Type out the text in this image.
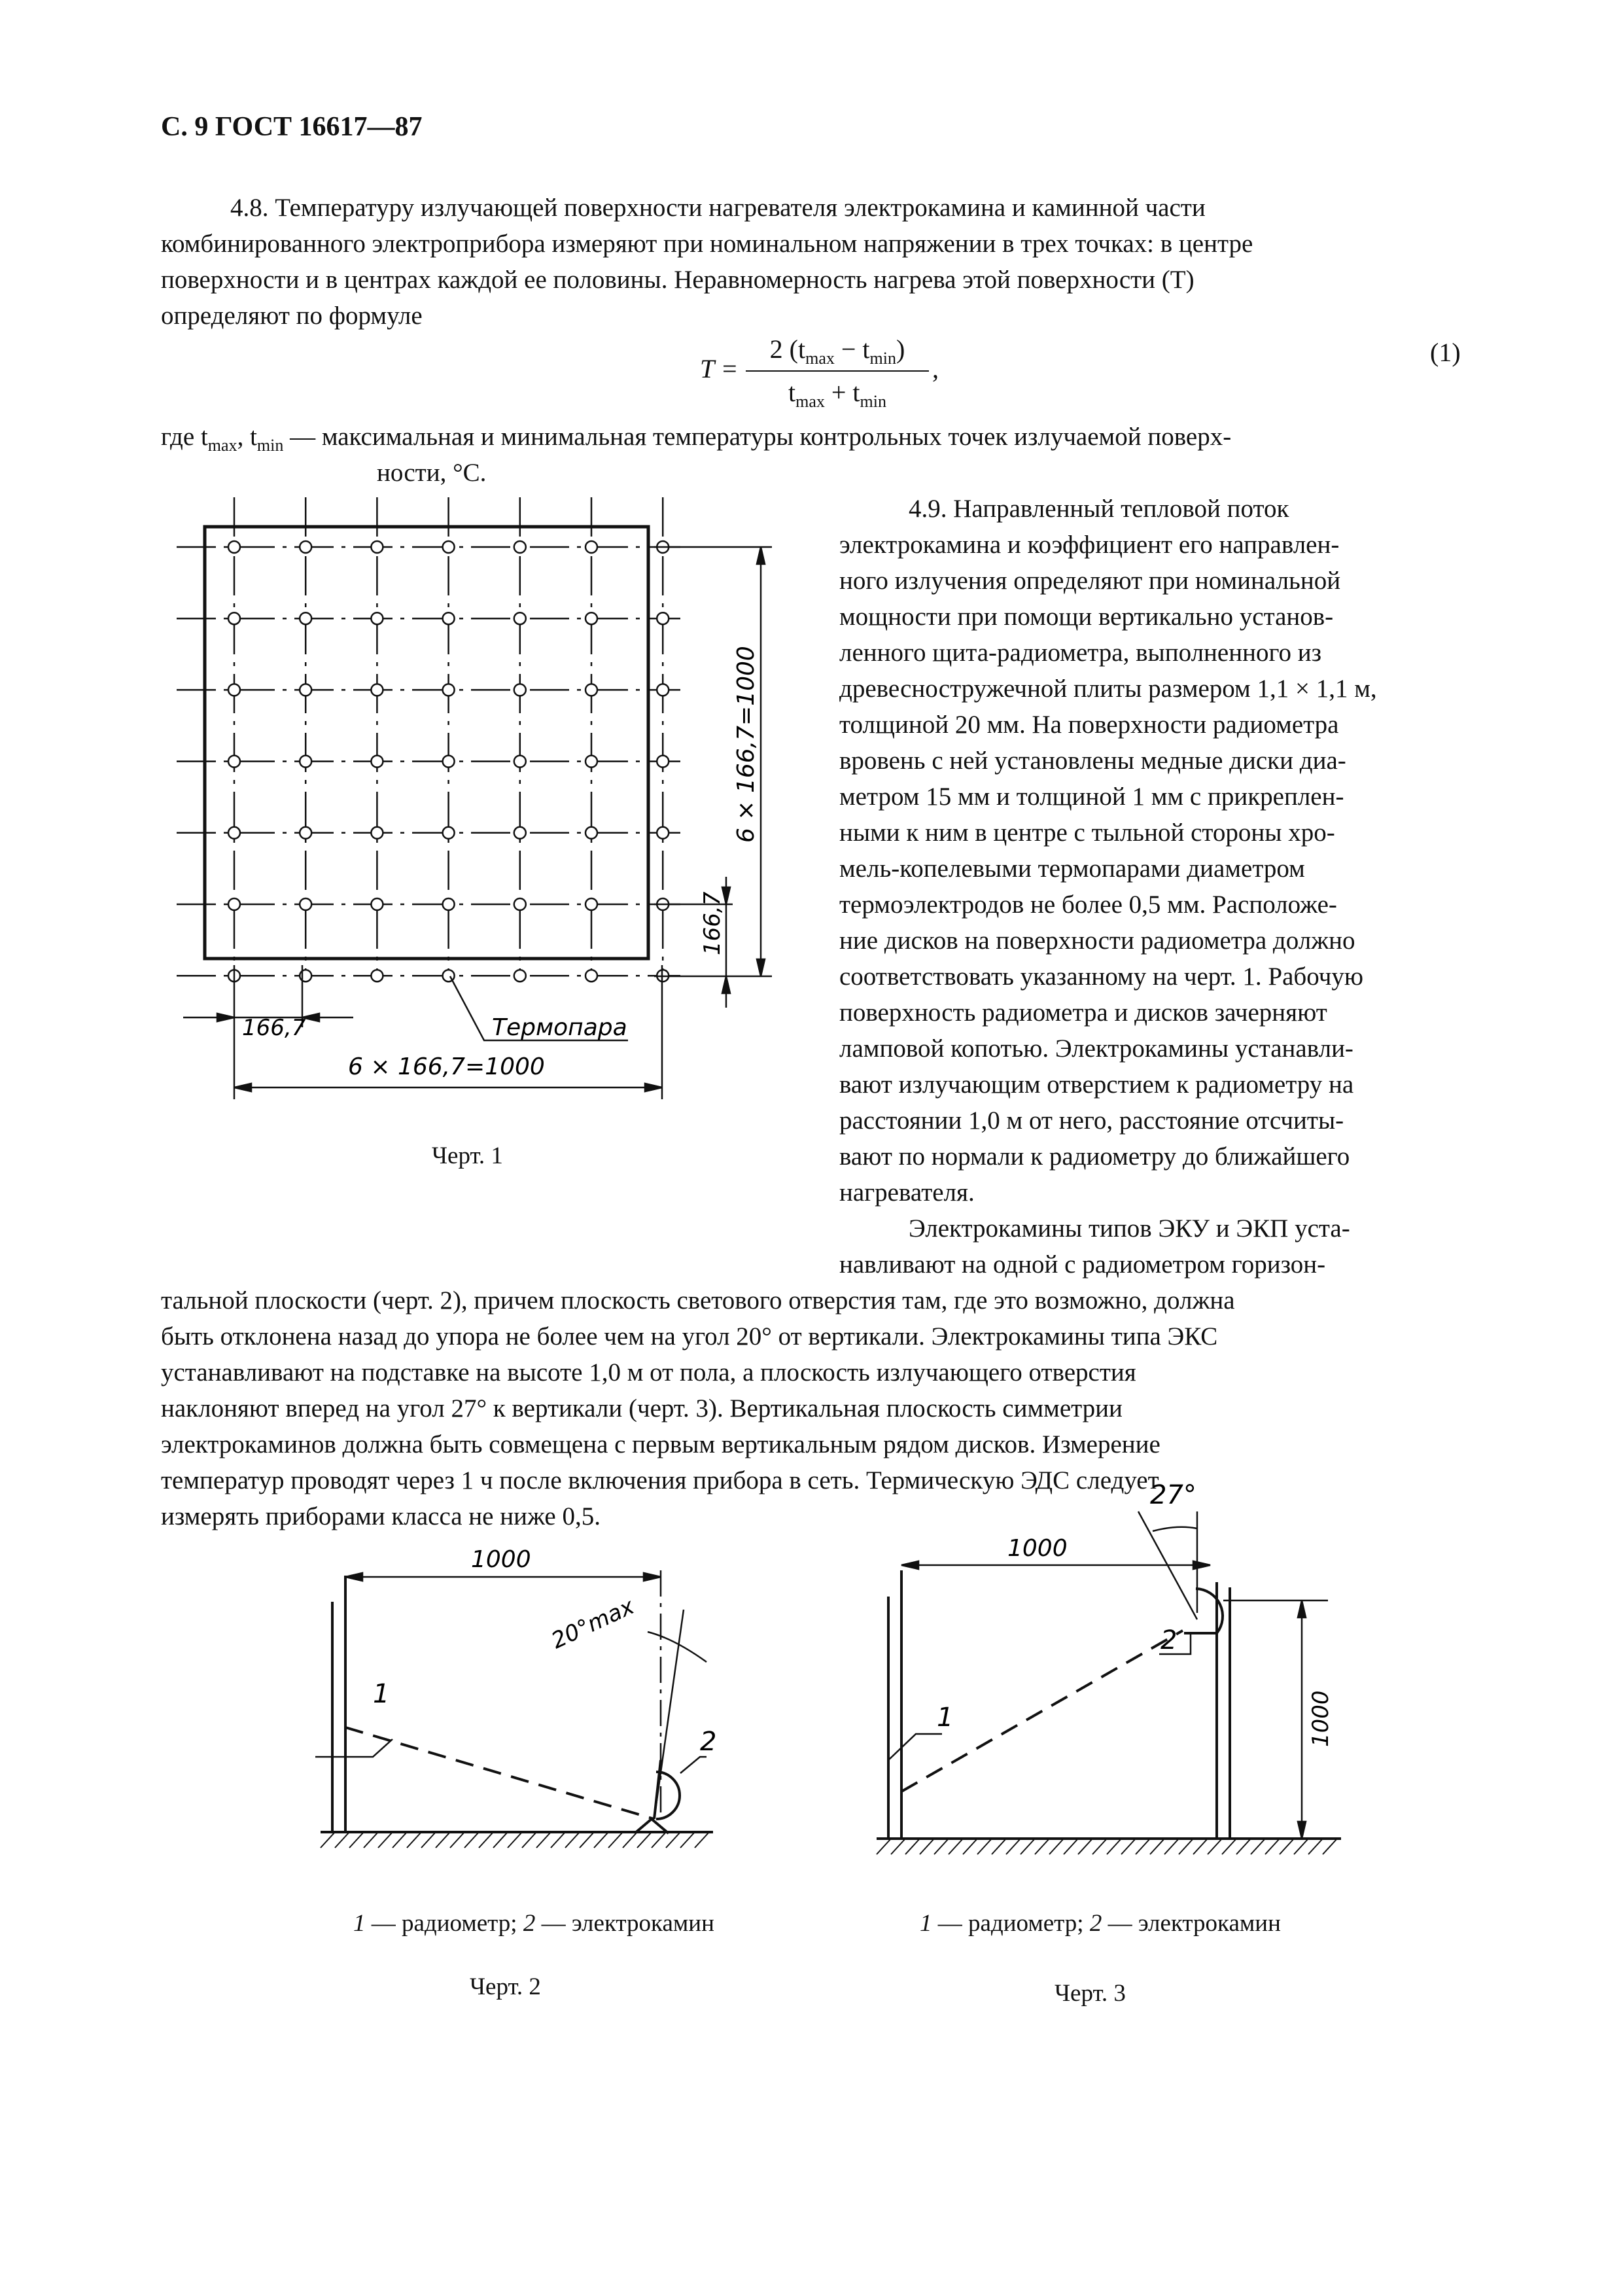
С. 9 ГОСТ 16617—87

4.8. Температуру излучающей поверхности нагревателя электрокамина и каминной части

комбинированного электроприбора измеряют при номинальном напряжении в трех точках: в центре

поверхности и в центрах каждой ее половины. Неравномерность нагрева этой поверхности (T)

определяют по формуле

T =
2 $(t_{max} - t_{min})$
$t_{max} + t_{min}$
,
(1)
где $t_{max}$, $t_{min}$ — максимальная и минимальная температуры контрольных точек излучаемой поверх-
ности, °С.

4.9. Направленный тепловой поток

электрокамина и коэффициент его направлен-

ного излучения определяют при номинальной

мощности при помощи вертикально установ-

ленного щита-радиометра, выполненного из

древесностружечной плиты размером 1,1 × 1,1 м,

толщиной 20 мм. На поверхности радиометра

вровень с ней установлены медные диски диа-

метром 15 мм и толщиной 1 мм с прикреплен-

ными к ним в центре с тыльной стороны хро-

мель-копелевыми термопарами диаметром

термоэлектродов не более 0,5 мм. Расположе-

ние дисков на поверхности радиометра должно

соответствовать указанному на черт. 1. Рабочую

поверхность радиометра и дисков зачерняют

ламповой копотью. Электрокамины устанавли-

вают излучающим отверстием к радиометру на

расстоянии 1,0 м от него, расстояние отсчиты-

вают по нормали к радиометру до ближайшего

нагревателя.

Электрокамины типов ЭКУ и ЭКП уста-

навливают на одной с радиометром горизон-

тальной плоскости (черт. 2), причем плоскость светового отверстия там, где это возможно, должна

быть отклонена назад до упора не более чем на угол 20° от вертикали. Электрокамины типа ЭКС

устанавливают на подставке на высоте 1,0 м от пола, а плоскость излучающего отверстия

наклоняют вперед на угол 27° к вертикали (черт. 3). Вертикальная плоскость симметрии

электрокаминов должна быть совмещена с первым вертикальным рядом дисков. Измерение

температур проводят через 1 ч после включения прибора в сеть. Термическую ЭДС следует

измерять приборами класса не ниже 0,5.

6 × 166,7=1000
166,7
166,7
6 × 166,7=1000
Термопара
Черт. 1
1000
20°max
1
2
1 — радиометр; 2 — электрокамин
Черт. 2
1000
1000
27°
1
2
1 — радиометр; 2 — электрокамин
Черт. 3
